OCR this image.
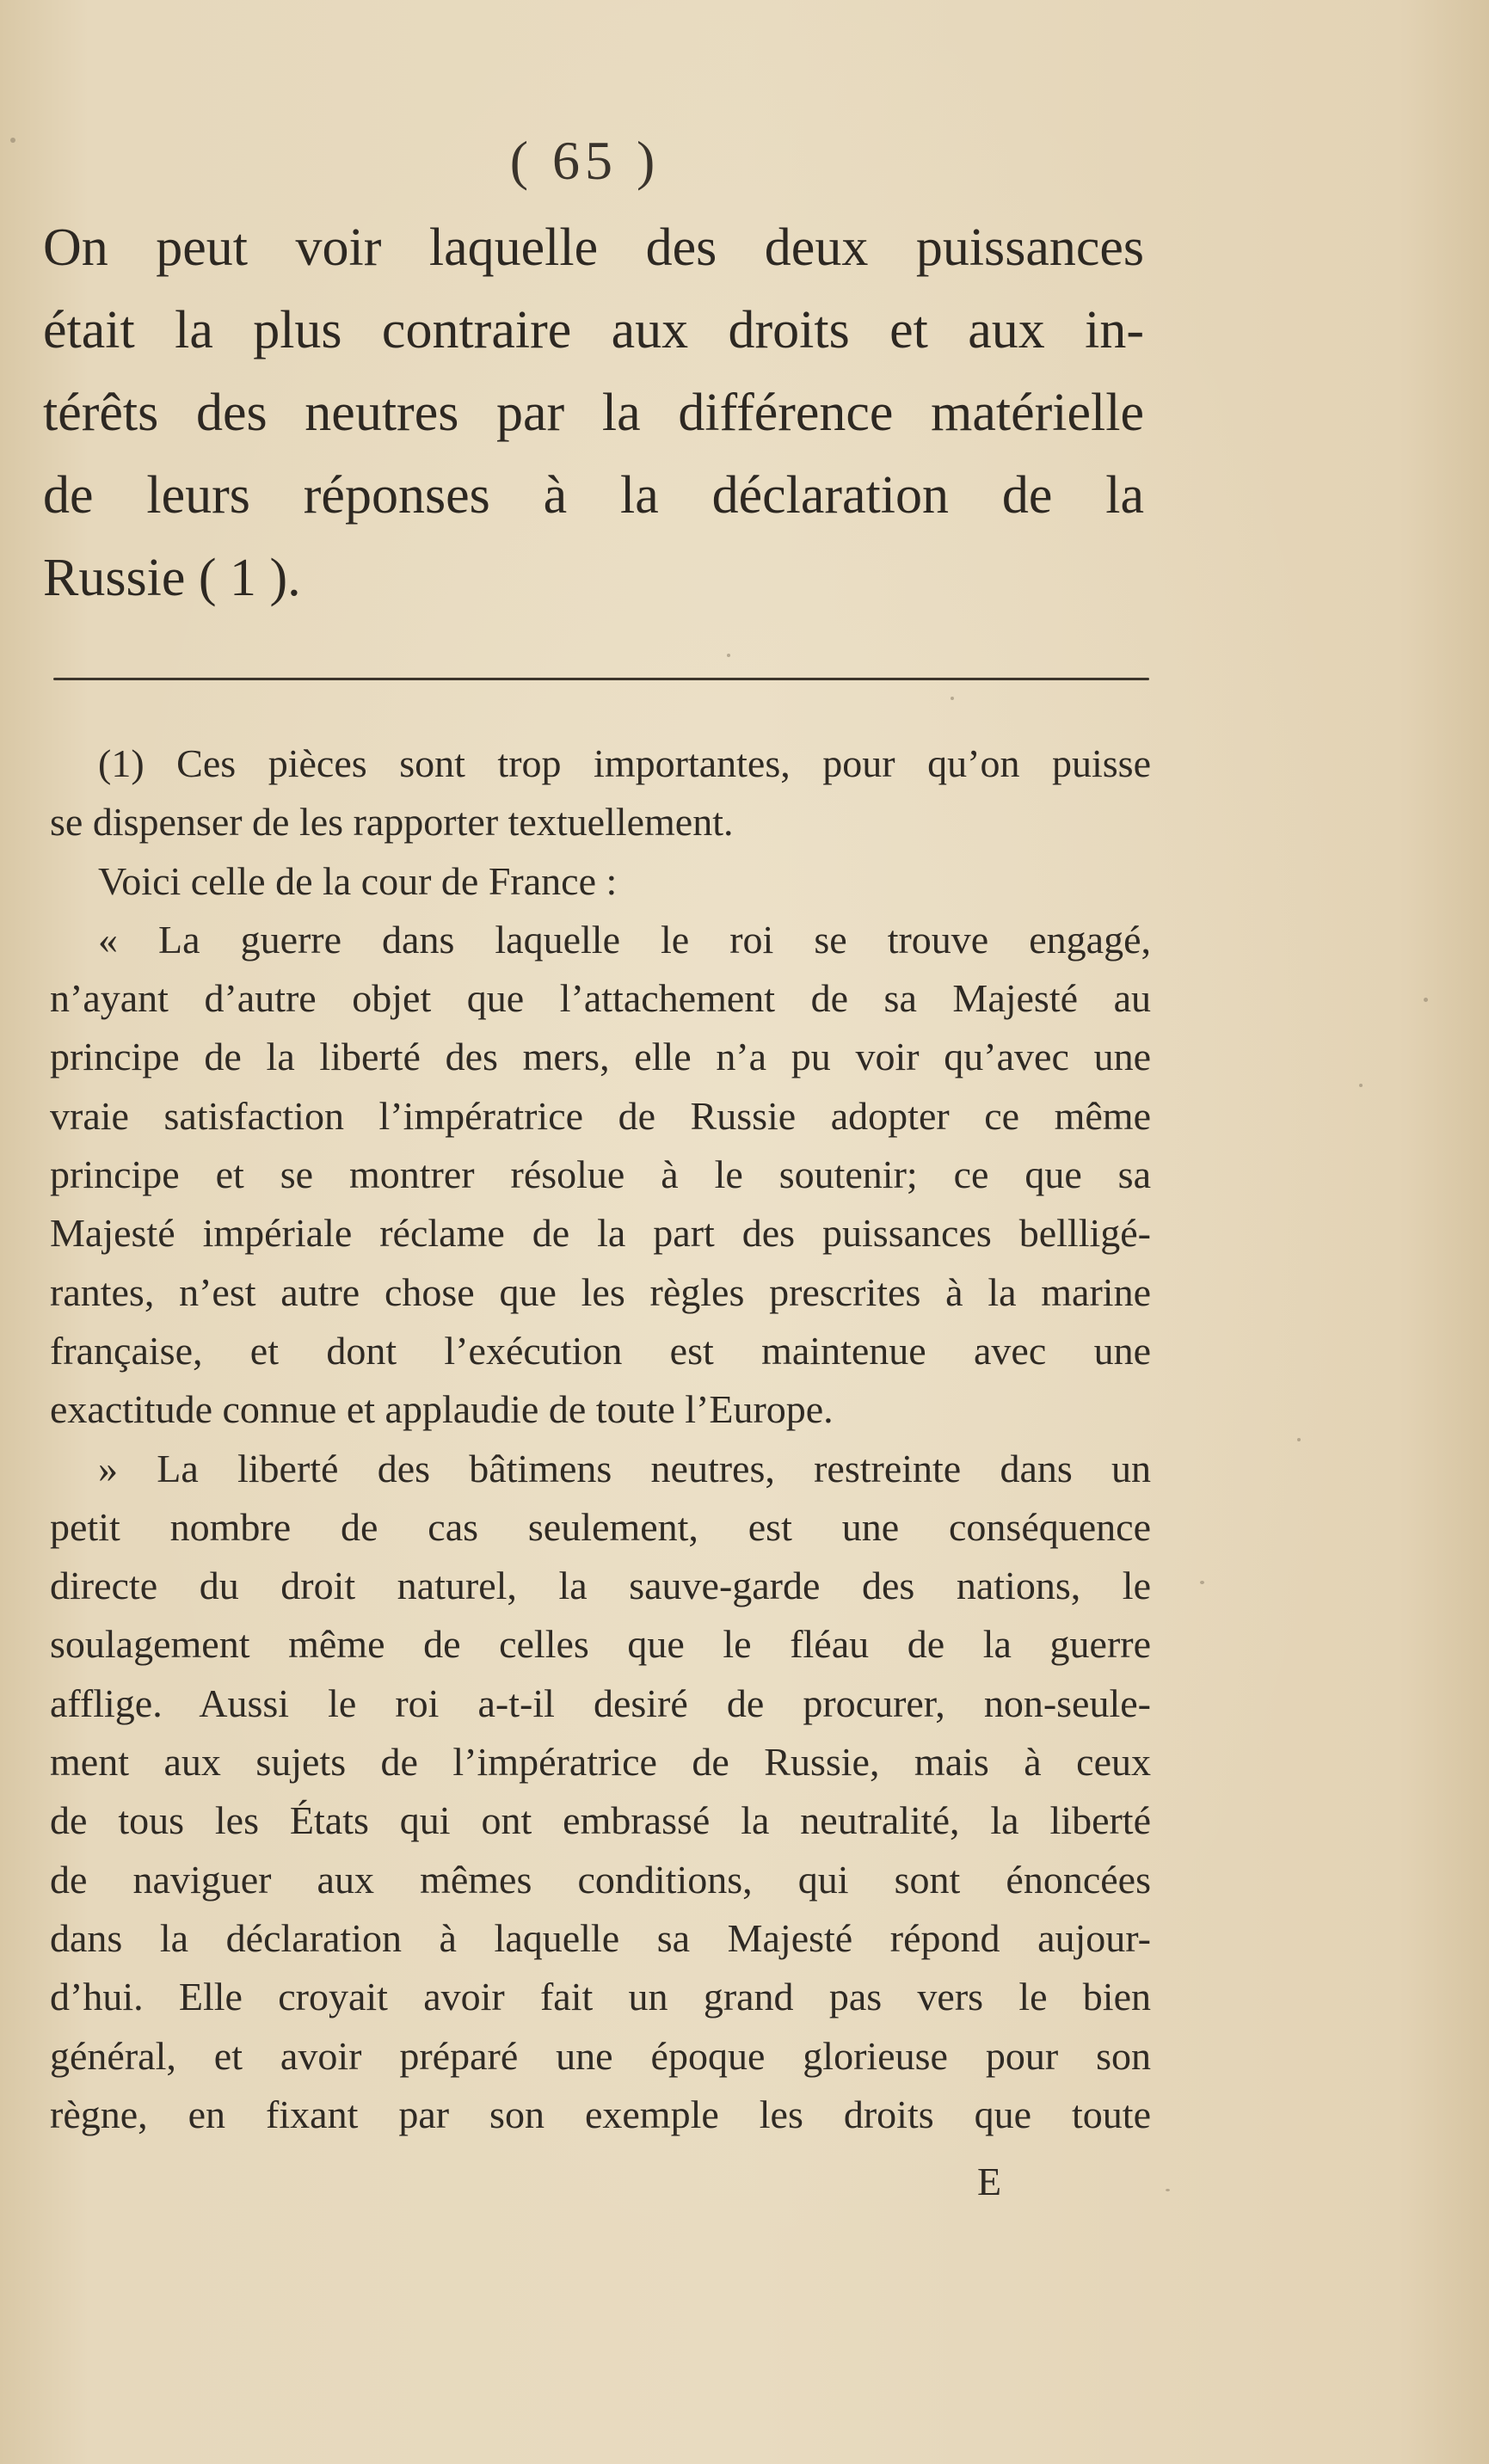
( 65 )
On peut voir laquelle des deux puissances
était la plus contraire aux droits et aux in-
térêts des neutres par la différence matérielle
de leurs réponses à la déclaration de la
Russie ( 1 ).
(1) Ces pièces sont trop importantes, pour qu’on puisse
se dispenser de les rapporter textuellement.
Voici celle de la cour de France :
« La guerre dans laquelle le roi se trouve engagé,
n’ayant d’autre objet que l’attachement de sa Majesté au
principe de la liberté des mers, elle n’a pu voir qu’avec une
vraie satisfaction l’impératrice de Russie adopter ce même
principe et se montrer résolue à le soutenir; ce que sa
Majesté impériale réclame de la part des puissances bellligé-
rantes, n’est autre chose que les règles prescrites à la marine
française, et dont l’exécution est maintenue avec une
exactitude connue et applaudie de toute l’Europe.
» La liberté des bâtimens neutres, restreinte dans un
petit nombre de cas seulement, est une conséquence
directe du droit naturel, la sauve-garde des nations, le
soulagement même de celles que le fléau de la guerre
afflige. Aussi le roi a-t-il desiré de procurer, non-seule-
ment aux sujets de l’impératrice de Russie, mais à ceux
de tous les États qui ont embrassé la neutralité, la liberté
de naviguer aux mêmes conditions, qui sont énoncées
dans la déclaration à laquelle sa Majesté répond aujour-
d’hui. Elle croyait avoir fait un grand pas vers le bien
général, et avoir préparé une époque glorieuse pour son
règne, en fixant par son exemple les droits que toute
E
